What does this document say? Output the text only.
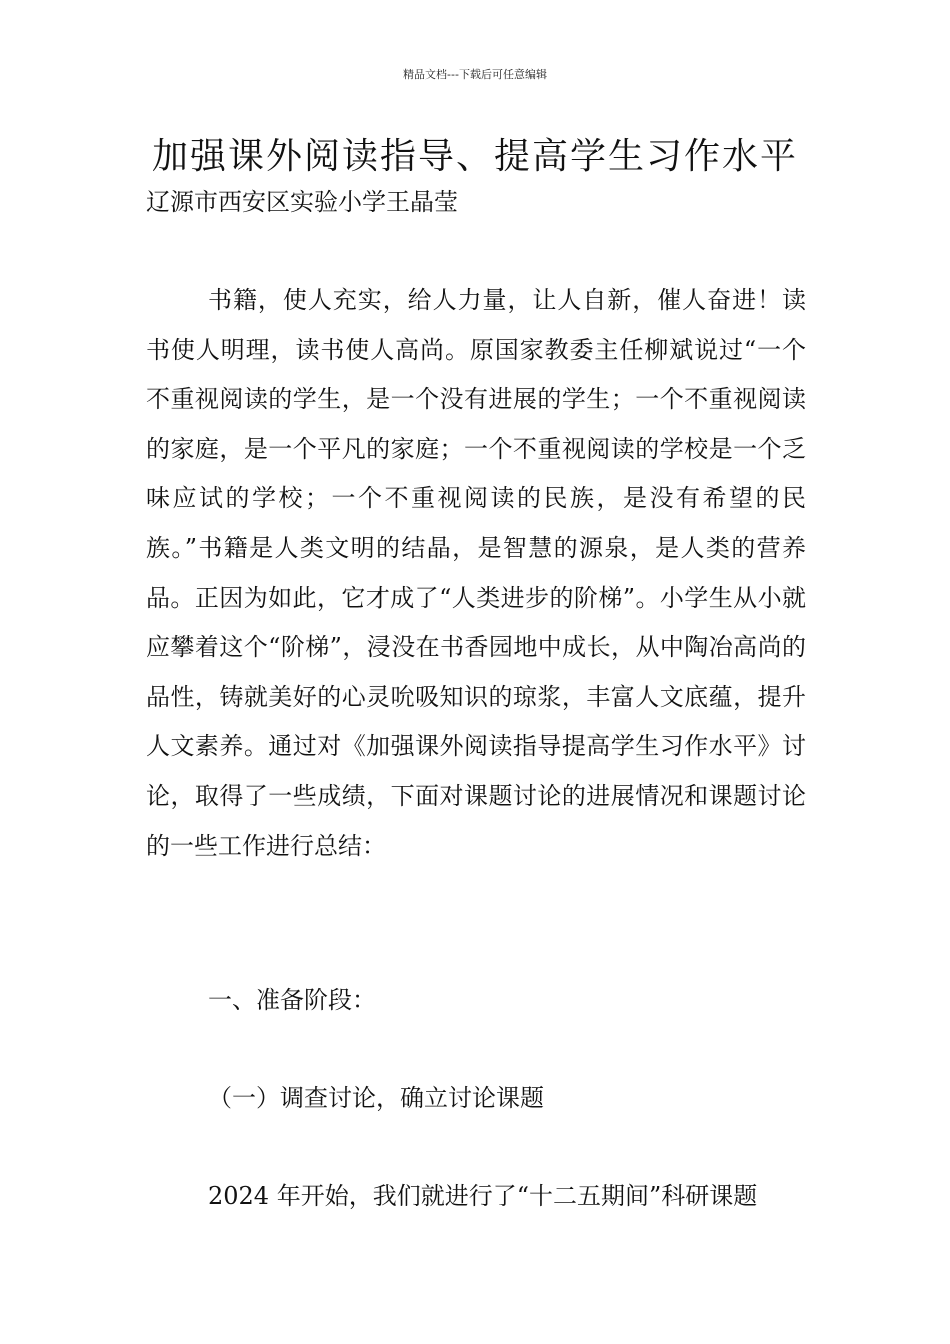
精品文档---下载后可任意编辑
加强课外阅读指导、提高学生习作水平
辽源市西安区实验小学王晶莹
书籍，使人充实，给人力量，让人自新，催人奋进！读书使人明理，读书使人高尚。原国家教委主任柳斌说过“一个不重视阅读的学生，是一个没有进展的学生；一个不重视阅读的家庭，是一个平凡的家庭；一个不重视阅读的学校是一个乏味应试的学校；一个不重视阅读的民族，是没有希望的民族。”书籍是人类文明的结晶，是智慧的源泉，是人类的营养品。正因为如此，它才成了“人类进步的阶梯”。小学生从小就应攀着这个“阶梯”，浸没在书香园地中成长，从中陶冶高尚的品性，铸就美好的心灵吮吸知识的琼浆，丰富人文底蕴，提升人文素养。通过对《加强课外阅读指导提高学生习作水平》讨论，取得了一些成绩，下面对课题讨论的进展情况和课题讨论的一些工作进行总结：
一、准备阶段：
（一）调查讨论，确立讨论课题
2024 年开始，我们就进行了“十二五期间”科研课题
